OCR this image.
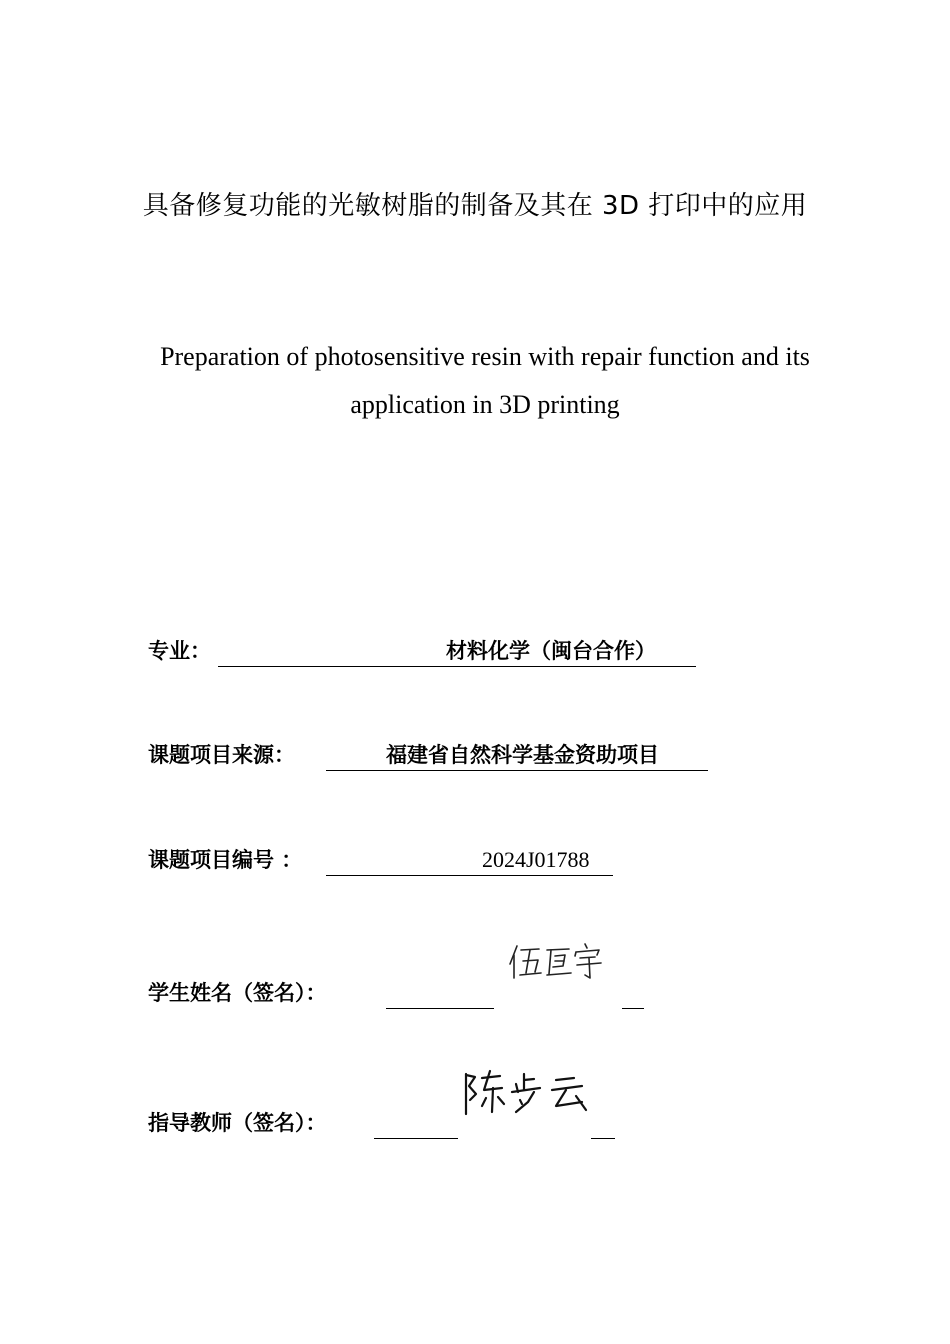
具备修复功能的光敏树脂的制备及其在 3D 打印中的应用
Preparation of photosensitive resin with repair function and its
application in 3D printing
专业：	材料化学（闽台合作）
课题项目来源：	福建省自然科学基金资助项目
课题项目编号 ：	2024J01788
学生姓名（签名）：
指导教师（签名）：
